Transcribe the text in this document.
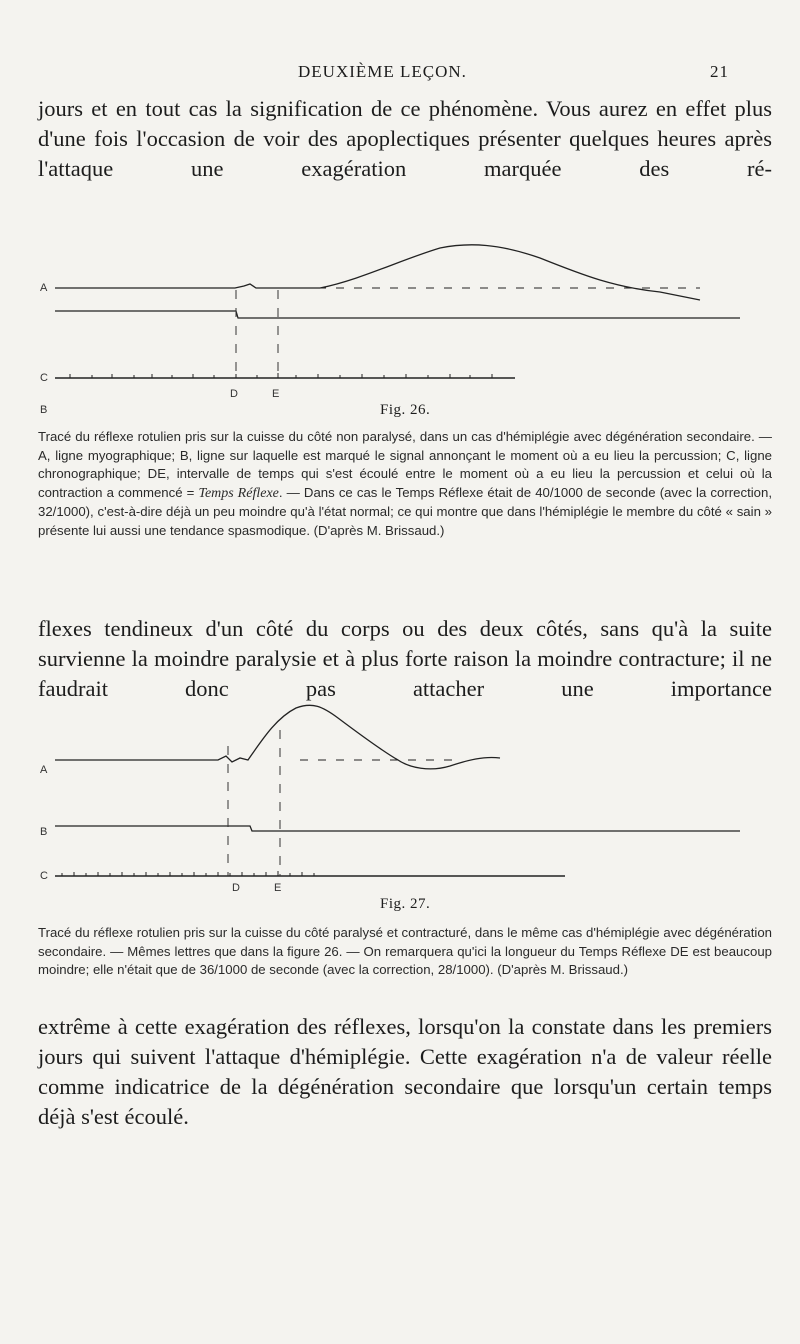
DEUXIÈME LEÇON.	21

jours et en tout cas la signification de ce phénomène. Vous aurez en effet plus d'une fois l'occasion de voir des apoplectiques présenter quelques heures après l'attaque une exagération marquée des ré-

A
B
C
D	E
Fig. 26.

Tracé du réflexe rotulien pris sur la cuisse du côté non paralysé, dans un cas d'hémiplégie avec dégénération secondaire. — A, ligne myographique; B, ligne sur laquelle est marqué le signal annonçant le moment où a eu lieu la percussion; C, ligne chronographique; DE, intervalle de temps qui s'est écoulé entre le moment où a eu lieu la percussion et celui où la contraction a commencé = Temps Réflexe. — Dans ce cas le Temps Réflexe était de 40/1000 de seconde (avec la correction, 32/1000), c'est-à-dire déjà un peu moindre qu'à l'état normal; ce qui montre que dans l'hémiplégie le membre du côté « sain » présente lui aussi une tendance spasmodique. (D'après M. Brissaud.)

flexes tendineux d'un côté du corps ou des deux côtés, sans qu'à la suite survienne la moindre paralysie et à plus forte raison la moindre contracture; il ne faudrait donc pas attacher une importance

A
B
C
D	E
Fig. 27.

Tracé du réflexe rotulien pris sur la cuisse du côté paralysé et contracturé, dans le même cas d'hémiplégie avec dégénération secondaire. — Mêmes lettres que dans la figure 26. — On remarquera qu'ici la longueur du Temps Réflexe DE est beaucoup moindre; elle n'était que de 36/1000 de seconde (avec la correction, 28/1000). (D'après M. Brissaud.)

extrême à cette exagération des réflexes, lorsqu'on la constate dans les premiers jours qui suivent l'attaque d'hémiplégie. Cette exagération n'a de valeur réelle comme indicatrice de la dégénération secondaire que lorsqu'un certain temps déjà s'est écoulé.
